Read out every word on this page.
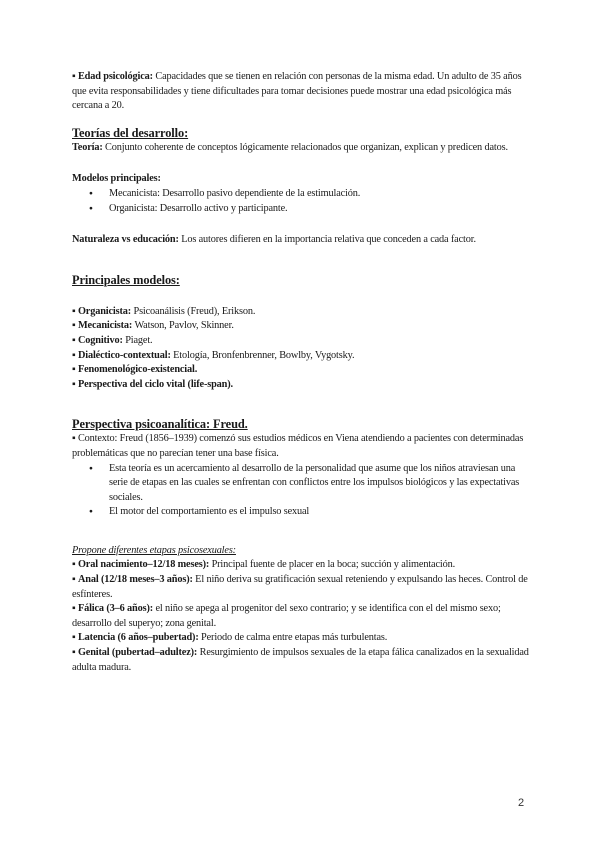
▪ Edad psicológica: Capacidades que se tienen en relación con personas de la misma edad. Un adulto de 35 años que evita responsabilidades y tiene dificultades para tomar decisiones puede mostrar una edad psicológica más cercana a 20.

Teorías del desarrollo:

Teoría: Conjunto coherente de conceptos lógicamente relacionados que organizan, explican y predicen datos.

Modelos principales:

● Mecanicista: Desarrollo pasivo dependiente de la estimulación.
● Organicista: Desarrollo activo y participante.

Naturaleza vs educación: Los autores difieren en la importancia relativa que conceden a cada factor.

Principales modelos:

▪ Organicista: Psicoanálisis (Freud), Erikson.

▪ Mecanicista: Watson, Pavlov, Skinner.

▪ Cognitivo: Piaget.

▪ Dialéctico-contextual: Etología, Bronfenbrenner, Bowlby, Vygotsky.

▪ Fenomenológico-existencial.

▪ Perspectiva del ciclo vital (life-span).

Perspectiva psicoanalítica: Freud.

▪ Contexto: Freud (1856–1939) comenzó sus estudios médicos en Viena atendiendo a pacientes con determinadas problemáticas que no parecían tener una base física.

● Esta teoría es un acercamiento al desarrollo de la personalidad que asume que los niños atraviesan una serie de etapas en las cuales se enfrentan con conflictos entre los impulsos biológicos y las expectativas sociales.
● El motor del comportamiento es el impulso sexual

Propone diferentes etapas psicosexuales:

▪ Oral nacimiento–12/18 meses): Principal fuente de placer en la boca; succión y alimentación.

▪ Anal (12/18 meses–3 años): El niño deriva su gratificación sexual reteniendo y expulsando las heces. Control de esfínteres.

▪ Fálica (3–6 años): el niño se apega al progenitor del sexo contrario; y se identifica con el del mismo sexo; desarrollo del superyo; zona genital.

▪ Latencia (6 años–pubertad): Periodo de calma entre etapas más turbulentas.

▪ Genital (pubertad–adultez): Resurgimiento de impulsos sexuales de la etapa fálica canalizados en la sexualidad adulta madura.

2
